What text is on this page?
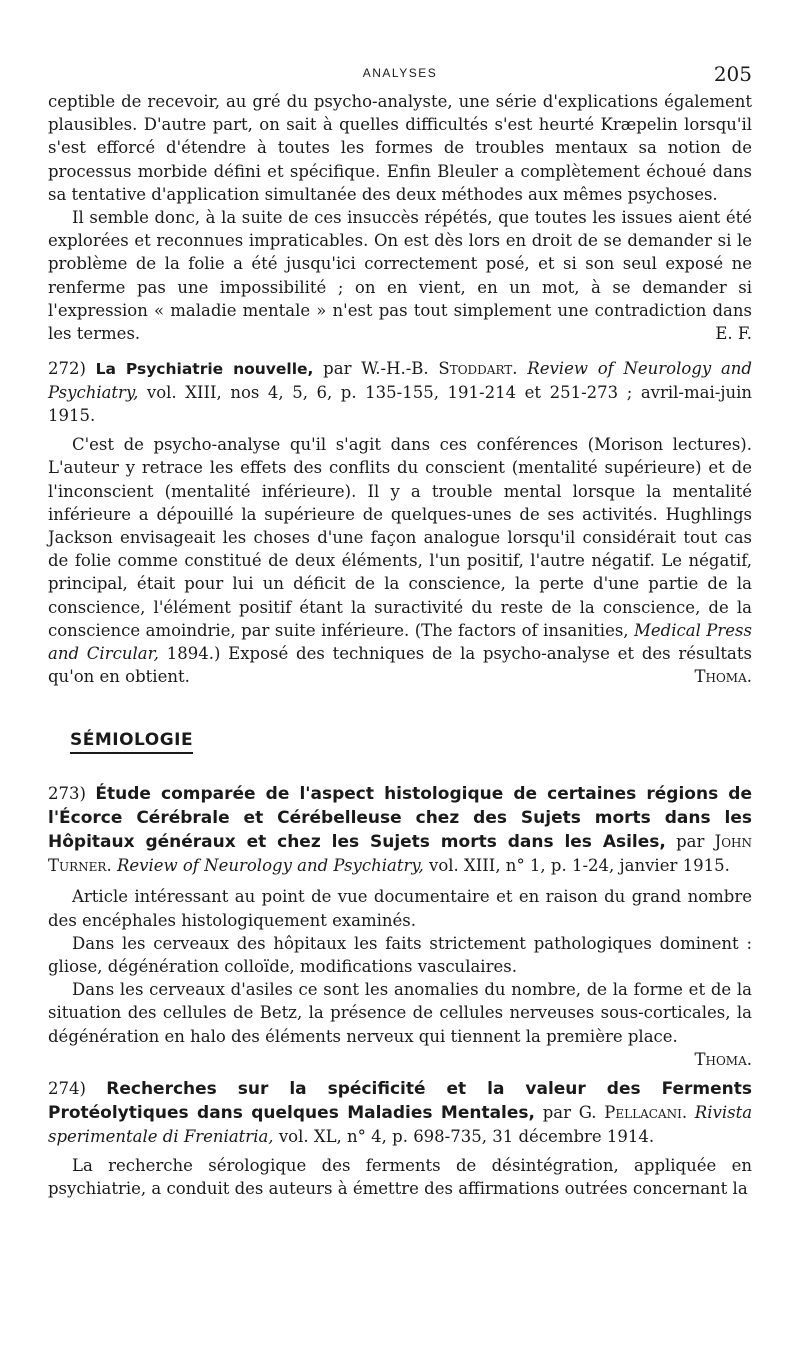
ANALYSES	205

ceptible de recevoir, au gré du psycho-analyste, une série d'explications également plausibles. D'autre part, on sait à quelles difficultés s'est heurté Kræpelin lorsqu'il s'est efforcé d'étendre à toutes les formes de troubles mentaux sa notion de processus morbide défini et spécifique. Enfin Bleuler a complètement échoué dans sa tentative d'application simultanée des deux méthodes aux mêmes psychoses.

Il semble donc, à la suite de ces insuccès répétés, que toutes les issues aient été explorées et reconnues impraticables. On est dès lors en droit de se demander si le problème de la folie a été jusqu'ici correctement posé, et si son seul exposé ne renferme pas une impossibilité ; on en vient, en un mot, à se demander si l'expression « maladie mentale » n'est pas tout simplement une contradiction dans les termes.	E. F.

272) La Psychiatrie nouvelle, par W.-H.-B. Stoddart. Review of Neurology and Psychiatry, vol. XIII, nos 4, 5, 6, p. 135-155, 191-214 et 251-273 ; avril-mai-juin 1915.

C'est de psycho-analyse qu'il s'agit dans ces conférences (Morison lectures). L'auteur y retrace les effets des conflits du conscient (mentalité supérieure) et de l'inconscient (mentalité inférieure). Il y a trouble mental lorsque la mentalité inférieure a dépouillé la supérieure de quelques-unes de ses activités. Hughlings Jackson envisageait les choses d'une façon analogue lorsqu'il considérait tout cas de folie comme constitué de deux éléments, l'un positif, l'autre négatif. Le négatif, principal, était pour lui un déficit de la conscience, la perte d'une partie de la conscience, l'élément positif étant la suractivité du reste de la conscience, de la conscience amoindrie, par suite inférieure. (The factors of insanities, Medical Press and Circular, 1894.) Exposé des techniques de la psycho-analyse et des résultats qu'on en obtient.	Thoma.

SÉMIOLOGIE

273) Étude comparée de l'aspect histologique de certaines régions de l'Écorce Cérébrale et Cérébelleuse chez des Sujets morts dans les Hôpitaux généraux et chez les Sujets morts dans les Asiles, par John Turner. Review of Neurology and Psychiatry, vol. XIII, n° 1, p. 1-24, janvier 1915.

Article intéressant au point de vue documentaire et en raison du grand nombre des encéphales histologiquement examinés.

Dans les cerveaux des hôpitaux les faits strictement pathologiques dominent : gliose, dégénération colloïde, modifications vasculaires.

Dans les cerveaux d'asiles ce sont les anomalies du nombre, de la forme et de la situation des cellules de Betz, la présence de cellules nerveuses sous-corticales, la dégénération en halo des éléments nerveux qui tiennent la première place.

Thoma.

274) Recherches sur la spécificité et la valeur des Ferments Protéolytiques dans quelques Maladies Mentales, par G. Pellacani. Rivista sperimentale di Freniatria, vol. XL, n° 4, p. 698-735, 31 décembre 1914.

La recherche sérologique des ferments de désintégration, appliquée en psychiatrie, a conduit des auteurs à émettre des affirmations outrées concernant la
